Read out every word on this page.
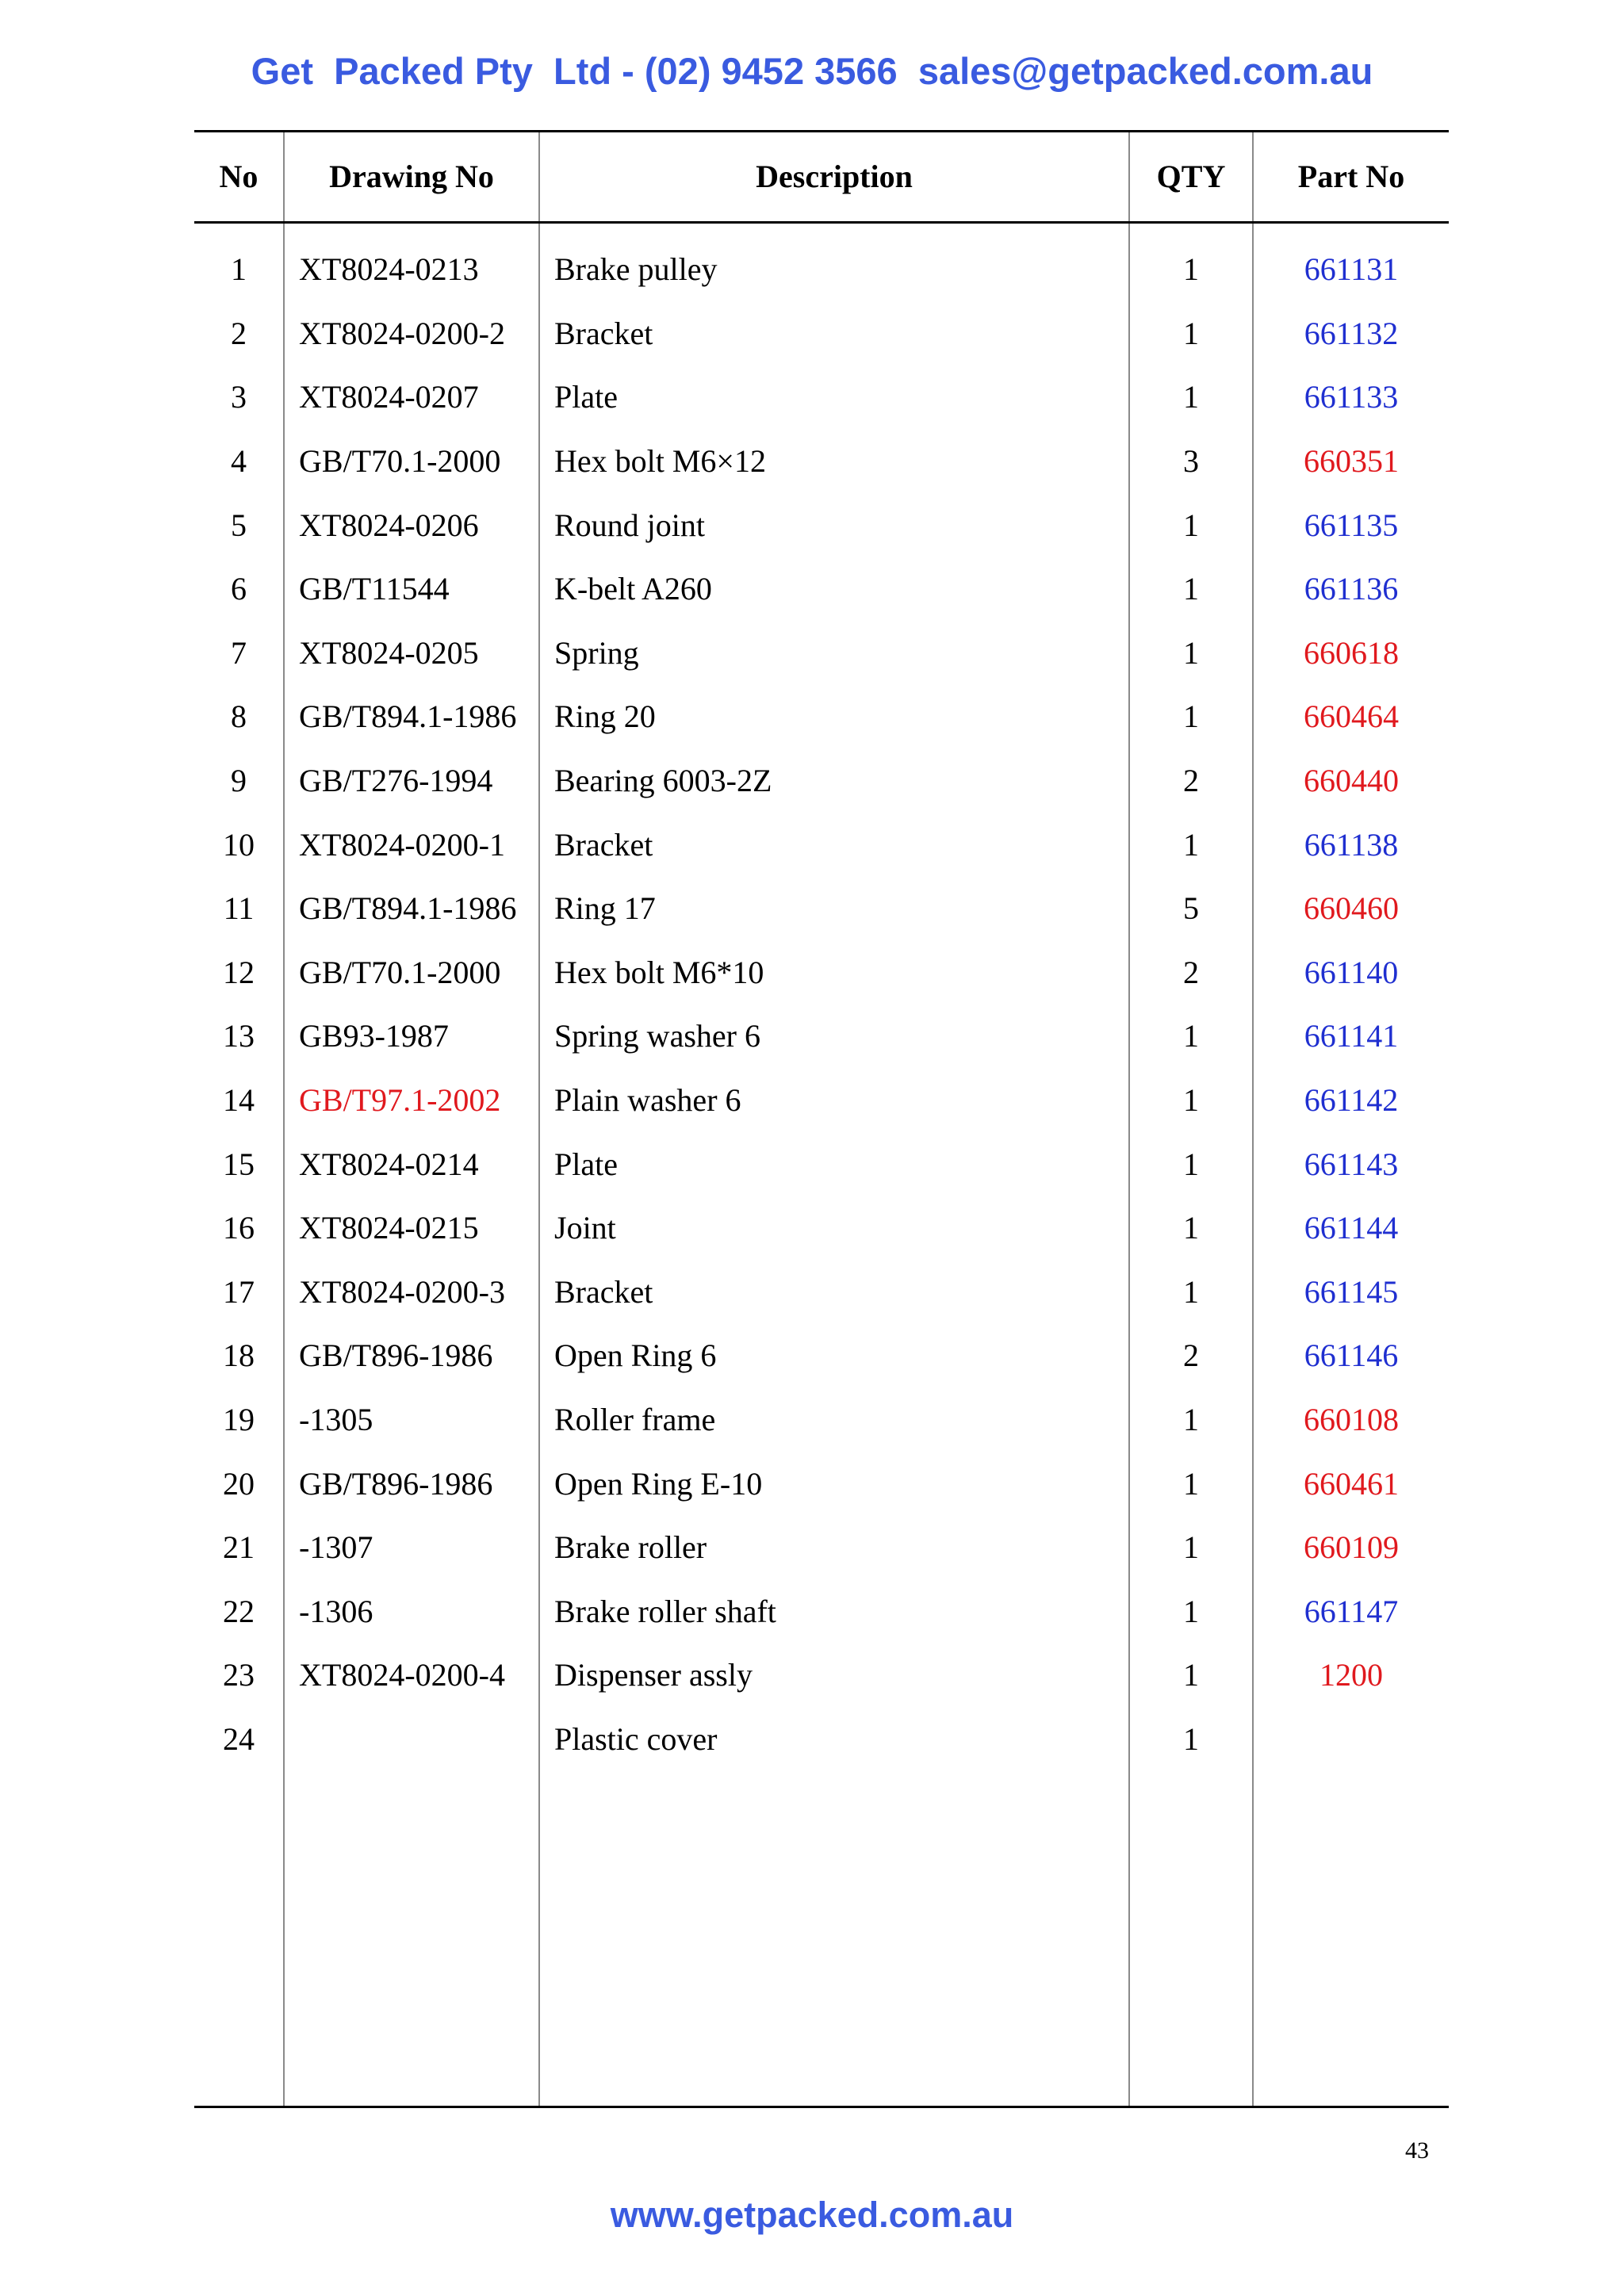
Get  Packed Pty  Ltd - (02) 9452 3566  sales@getpacked.com.au
No	Drawing No	Description	QTY	Part No
1	XT8024-0213	Brake pulley	1	661131
2	XT8024-0200-2	Bracket	1	661132
3	XT8024-0207	Plate	1	661133
4	GB/T70.1-2000	Hex bolt M6×12	3	660351
5	XT8024-0206	Round joint	1	661135
6	GB/T11544	K-belt A260	1	661136
7	XT8024-0205	Spring	1	660618
8	GB/T894.1-1986	Ring 20	1	660464
9	GB/T276-1994	Bearing 6003-2Z	2	660440
10	XT8024-0200-1	Bracket	1	661138
11	GB/T894.1-1986	Ring 17	5	660460
12	GB/T70.1-2000	Hex bolt M6*10	2	661140
13	GB93-1987	Spring washer 6	1	661141
14	GB/T97.1-2002	Plain washer 6	1	661142
15	XT8024-0214	Plate	1	661143
16	XT8024-0215	Joint	1	661144
17	XT8024-0200-3	Bracket	1	661145
18	GB/T896-1986	Open Ring 6	2	661146
19	-1305	Roller frame	1	660108
20	GB/T896-1986	Open Ring E-10	1	660461
21	-1307	Brake roller	1	660109
22	-1306	Brake roller shaft	1	661147
23	XT8024-0200-4	Dispenser assly	1	1200
24		Plastic cover	1	

43
www.getpacked.com.au
